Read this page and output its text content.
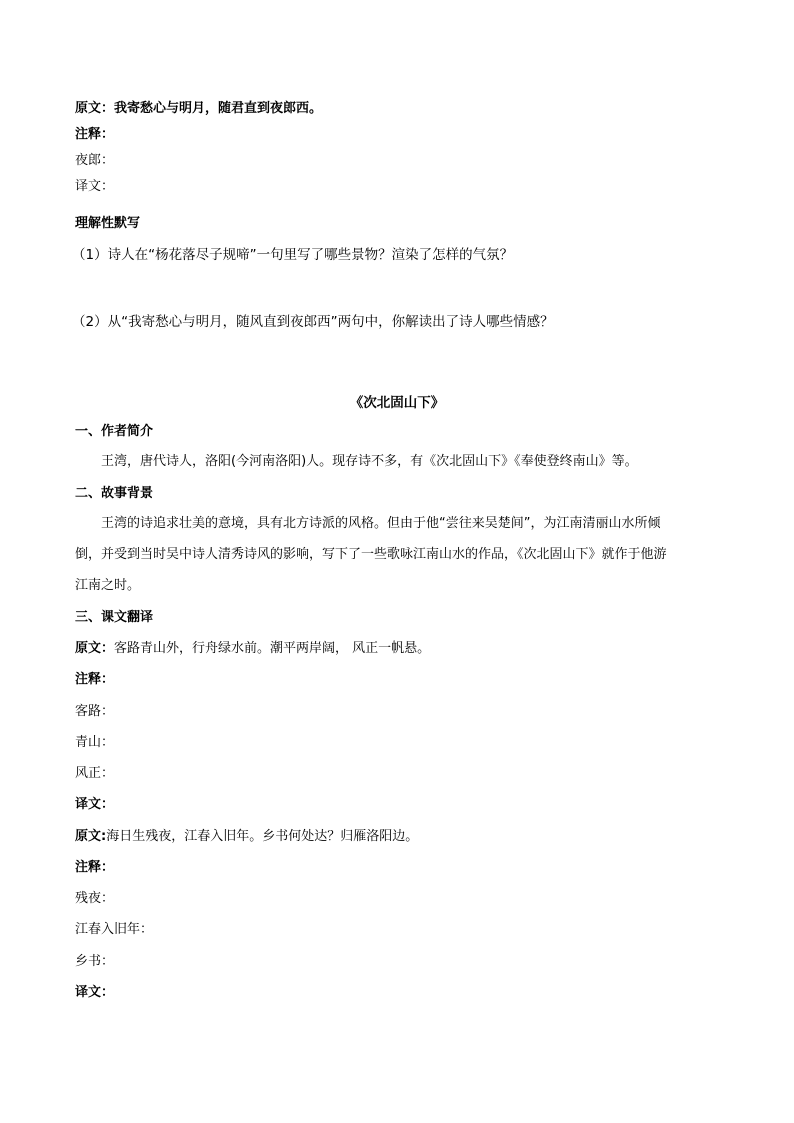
原文：我寄愁心与明月，随君直到夜郎西。
注释：
夜郎：
译文：
理解性默写
（1）诗人在“杨花落尽子规啼”一句里写了哪些景物？渲染了怎样的气氛？
（2）从“我寄愁心与明月，随风直到夜郎西”两句中，你解读出了诗人哪些情感？
《次北固山下》
一、作者简介
王湾，唐代诗人，洛阳(今河南洛阳)人。现存诗不多，有《次北固山下》《奉使登终南山》等。
二、故事背景
王湾的诗追求壮美的意境，具有北方诗派的风格。但由于他“尝往来吴楚间”，为江南清丽山水所倾
倒，并受到当时吴中诗人清秀诗风的影响，写下了一些歌咏江南山水的作品，《次北固山下》就作于他游
江南之时。
三、课文翻译
原文：客路青山外，行舟绿水前。潮平两岸阔， 风正一帆悬。
注释：
客路：
青山：
风正：
译文：
原文:海日生残夜，江春入旧年。乡书何处达？归雁洛阳边。
注释：
残夜：
江春入旧年：
乡书：
译文：
